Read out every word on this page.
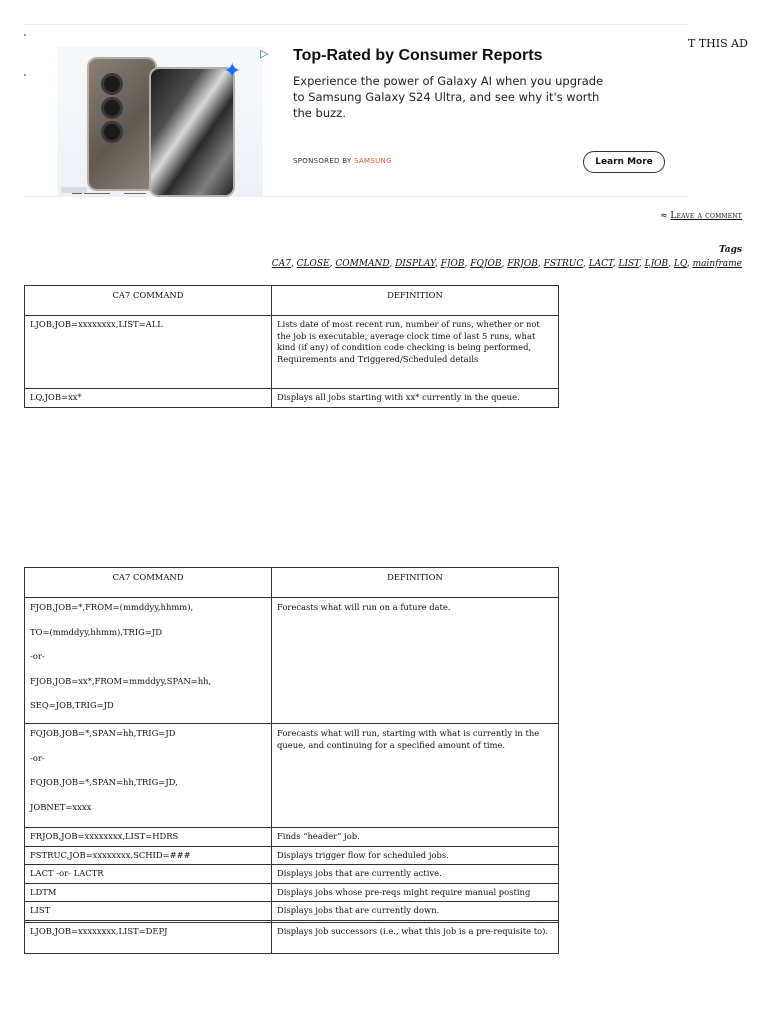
✦
▷ Top-Rated by Consumer Reports
Experience the power of Galaxy AI when you upgrade to Samsung Galaxy S24 Ultra, and see why it's worth the buzz.
SPONSORED BY SAMSUNG	Learn More
T THIS AD
≈ Leave a comment
Tags
CA7, CLOSE, COMMAND, DISPLAY, FJOB, FQJOB, FRJOB, FSTRUC, LACT, LIST, LJOB, LQ, mainframe
CA7 COMMAND	DEFINITION
LJOB,JOB=xxxxxxxx,LIST=ALL	Lists date of most recent run, number of runs, whether or not the job is executable, average clock time of last 5 runs, what kind (if any) of condition code checking is being performed, Requirements and Triggered/Scheduled details
LQ,JOB=xx*	Displays all jobs starting with xx* currently in the queue.
CA7 COMMAND	DEFINITION

FJOB,JOB=*,FROM=(mmddyy,hhmm),

TO=(mmddyy,hhmm),TRIG=JD

-or-

FJOB,JOB=xx*,FROM=mmddyy,SPAN=hh,

SEQ=JOB,TRIG=JD	Forecasts what will run on a future date.

FQJOB,JOB=*,SPAN=hh,TRIG=JD

-or-

FQJOB,JOB=*,SPAN=hh,TRIG=JD,

JOBNET=xxxx	Forecasts what will run, starting with what is currently in the queue, and continuing for a specified amount of time.
FRJOB,JOB=xxxxxxxx,LIST=HDRS	Finds “header” job.
FSTRUC,JOB=xxxxxxxx,SCHID=###	Displays trigger flow for scheduled jobs.
LACT -or- LACTR	Displays jobs that are currently active.
LDTM	Displays jobs whose pre-reqs might require manual posting
LIST	Displays jobs that are currently down.

LJOB,JOB=xxxxxxxx,LIST=DEPJ	Displays job successors (i.e., what this job is a pre-requisite to).
